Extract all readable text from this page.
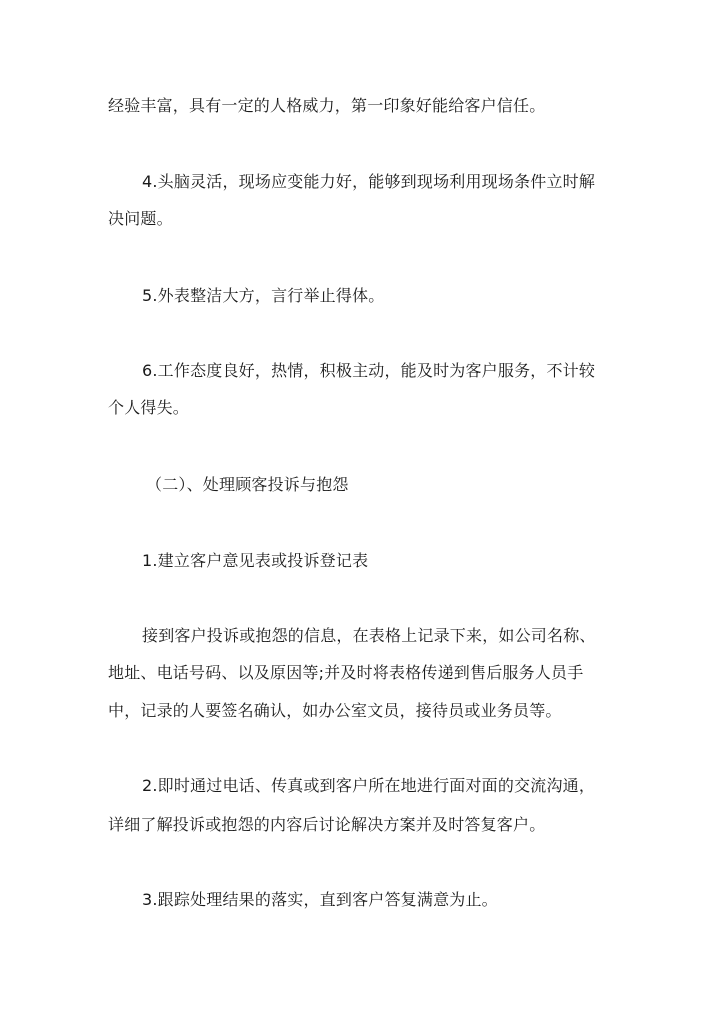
经验丰富，具有一定的人格威力，第一印象好能给客户信任。
4.头脑灵活，现场应变能力好，能够到现场利用现场条件立时解
决问题。
5.外表整洁大方，言行举止得体。
6.工作态度良好，热情，积极主动，能及时为客户服务，不计较
个人得失。
（二）、处理顾客投诉与抱怨
1.建立客户意见表或投诉登记表
接到客户投诉或抱怨的信息，在表格上记录下来，如公司名称、
地址、电话号码、以及原因等;并及时将表格传递到售后服务人员手
中，记录的人要签名确认，如办公室文员，接待员或业务员等。
2.即时通过电话、传真或到客户所在地进行面对面的交流沟通，
详细了解投诉或抱怨的内容后讨论解决方案并及时答复客户。
3.跟踪处理结果的落实，直到客户答复满意为止。
